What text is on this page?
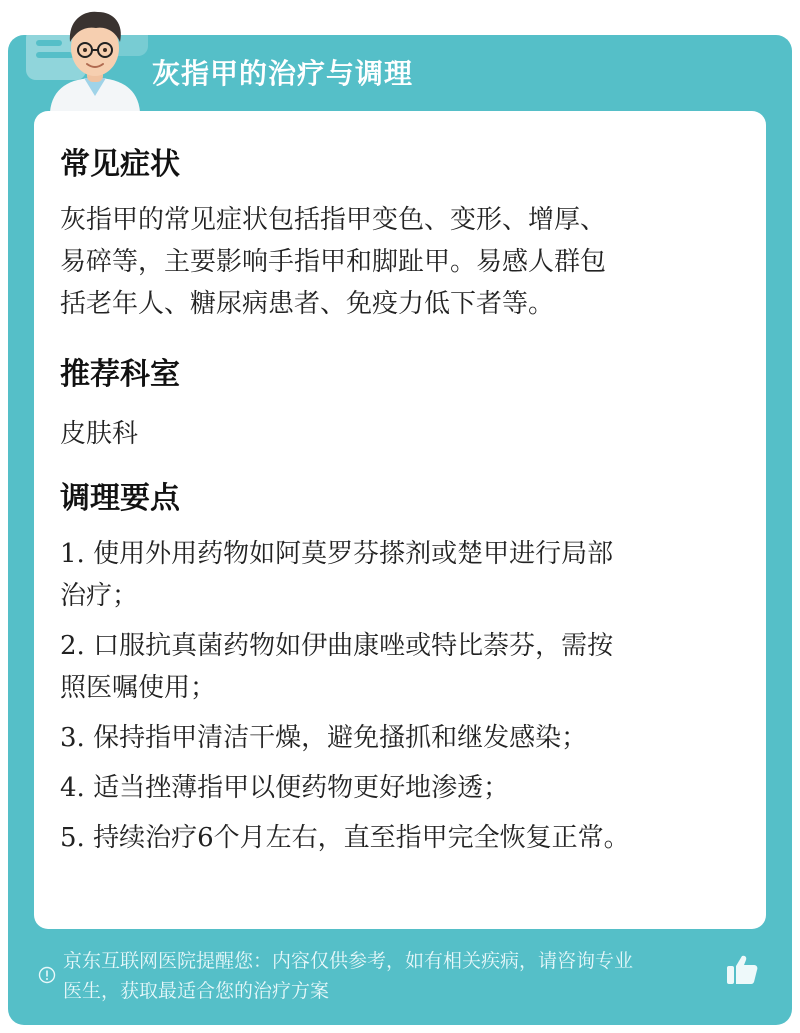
灰指甲的治疗与调理
常见症状
灰指甲的常见症状包括指甲变色、变形、增厚、
易碎等，主要影响手指甲和脚趾甲。易感人群包
括老年人、糖尿病患者、免疫力低下者等。
推荐科室
皮肤科
调理要点
1. 使用外用药物如阿莫罗芬搽剂或楚甲进行局部
治疗；
2. 口服抗真菌药物如伊曲康唑或特比萘芬，需按
照医嘱使用；
3. 保持指甲清洁干燥，避免搔抓和继发感染；
4. 适当挫薄指甲以便药物更好地渗透；
5. 持续治疗6个月左右，直至指甲完全恢复正常。
京东互联网医院提醒您：内容仅供参考，如有相关疾病，请咨询专业
医生，获取最适合您的治疗方案
